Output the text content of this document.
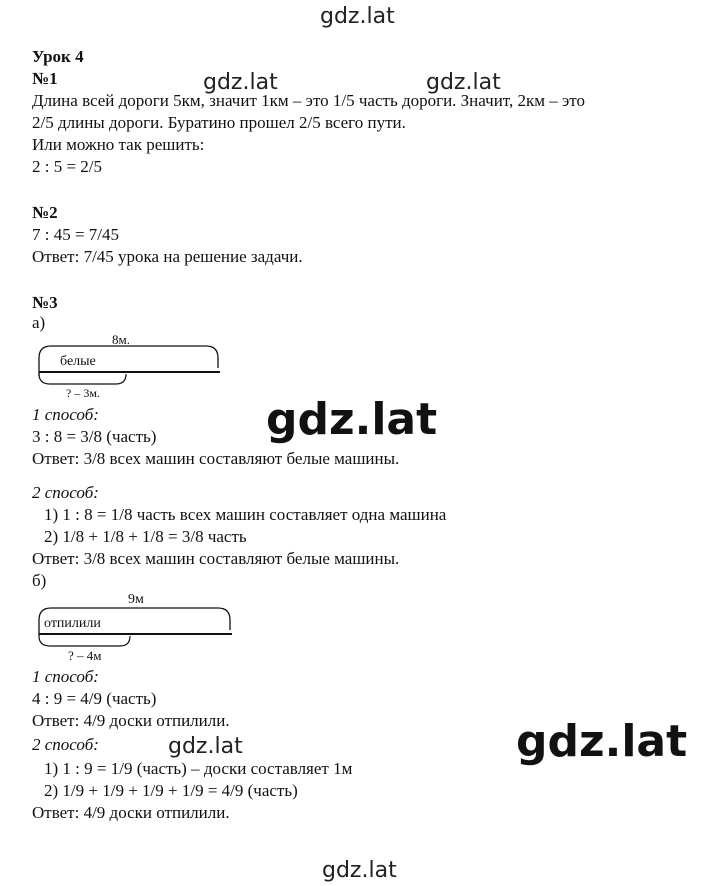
gdz.lat
gdz.lat	gdz.lat
gdz.lat
gdz.lat	gdz.lat
gdz.lat
Урок 4
№1
Длина всей дороги 5км, значит 1км – это 1/5 часть дороги. Значит, 2км – это
2/5 длины дороги. Буратино прошел 2/5 всего пути.
Или можно так решить:
2 : 5 = 2/5
№2
7 : 45 = 7/45
Ответ: 7/45 урока на решение задачи.
№3
а)
8м.
белые
? – 3м.
1 способ:
3 : 8 = 3/8 (часть)
Ответ: 3/8 всех машин составляют белые машины.
2 способ:
1) 1 : 8 = 1/8 часть всех машин составляет одна машина
2) 1/8 + 1/8 + 1/8 = 3/8 часть
Ответ: 3/8 всех машин составляют белые машины.
б)
9м
отпилили
? – 4м
1 способ:
4 : 9 = 4/9 (часть)
Ответ: 4/9 доски отпилили.
2 способ:
1) 1 : 9 = 1/9 (часть) – доски составляет 1м
2) 1/9 + 1/9 + 1/9 + 1/9 = 4/9 (часть)
Ответ: 4/9 доски отпилили.
